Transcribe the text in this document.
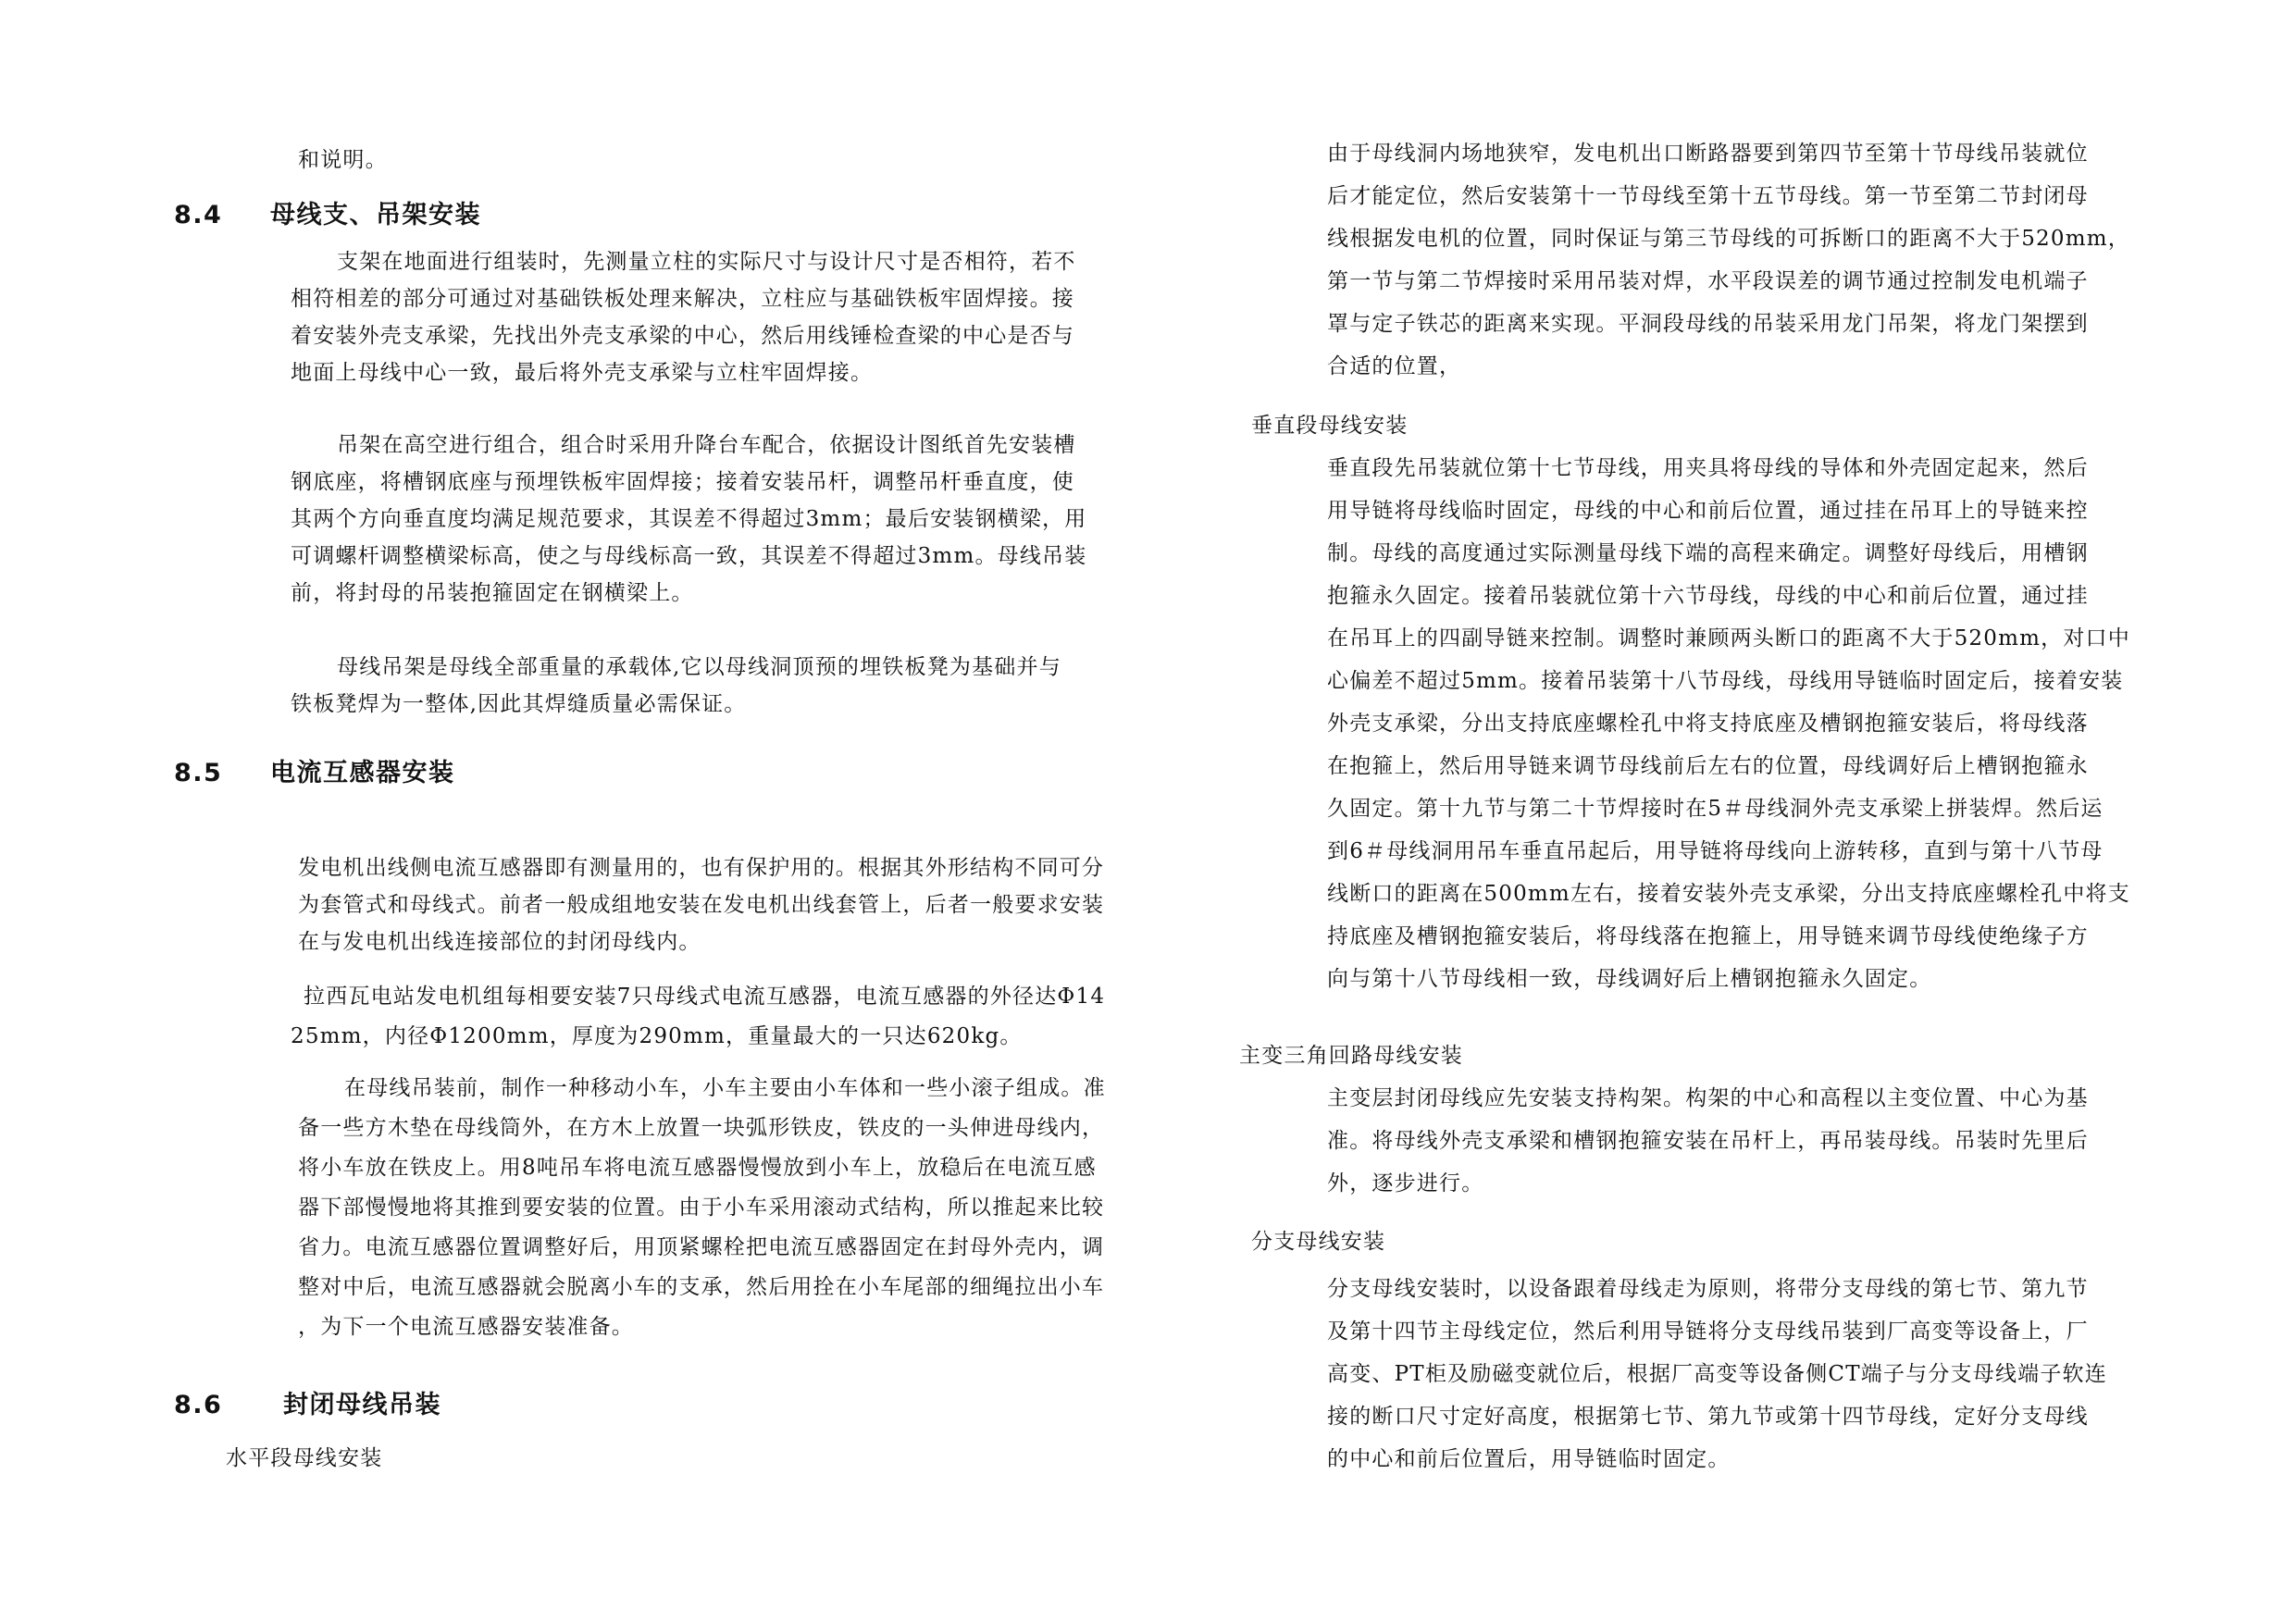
和说明。
8.4 母线支、吊架安装
支架在地面进行组装时，先测量立柱的实际尺寸与设计尺寸是否相符，若不
相符相差的部分可通过对基础铁板处理来解决，立柱应与基础铁板牢固焊接。接
着安装外壳支承梁，先找出外壳支承梁的中心，然后用线锤检查梁的中心是否与
地面上母线中心一致，最后将外壳支承梁与立柱牢固焊接。
吊架在高空进行组合，组合时采用升降台车配合，依据设计图纸首先安装槽
钢底座，将槽钢底座与预埋铁板牢固焊接；接着安装吊杆，调整吊杆垂直度，使
其两个方向垂直度均满足规范要求，其误差不得超过3mm；最后安装钢横梁，用
可调螺杆调整横梁标高，使之与母线标高一致，其误差不得超过3mm。母线吊装
前，将封母的吊装抱箍固定在钢横梁上。
母线吊架是母线全部重量的承载体,它以母线洞顶预的埋铁板凳为基础并与
铁板凳焊为一整体,因此其焊缝质量必需保证。
8.5 电流互感器安装
发电机出线侧电流互感器即有测量用的，也有保护用的。根据其外形结构不同可分
为套管式和母线式。前者一般成组地安装在发电机出线套管上，后者一般要求安装
在与发电机出线连接部位的封闭母线内。
拉西瓦电站发电机组每相要安装7只母线式电流互感器，电流互感器的外径达Φ14
25mm，内径Φ1200mm，厚度为290mm，重量最大的一只达620kg。
在母线吊装前，制作一种移动小车，小车主要由小车体和一些小滚子组成。准
备一些方木垫在母线筒外，在方木上放置一块弧形铁皮，铁皮的一头伸进母线内，
将小车放在铁皮上。用8吨吊车将电流互感器慢慢放到小车上，放稳后在电流互感
器下部慢慢地将其推到要安装的位置。由于小车采用滚动式结构，所以推起来比较
省力。电流互感器位置调整好后，用顶紧螺栓把电流互感器固定在封母外壳内，调
整对中后，电流互感器就会脱离小车的支承，然后用拴在小车尾部的细绳拉出小车
，为下一个电流互感器安装准备。
8.6 封闭母线吊装
水平段母线安装
由于母线洞内场地狭窄，发电机出口断路器要到第四节至第十节母线吊装就位
后才能定位，然后安装第十一节母线至第十五节母线。第一节至第二节封闭母
线根据发电机的位置，同时保证与第三节母线的可拆断口的距离不大于520mm，
第一节与第二节焊接时采用吊装对焊，水平段误差的调节通过控制发电机端子
罩与定子铁芯的距离来实现。平洞段母线的吊装采用龙门吊架，将龙门架摆到
合适的位置，
垂直段母线安装
垂直段先吊装就位第十七节母线，用夹具将母线的导体和外壳固定起来，然后
用导链将母线临时固定，母线的中心和前后位置，通过挂在吊耳上的导链来控
制。母线的高度通过实际测量母线下端的高程来确定。调整好母线后，用槽钢
抱箍永久固定。接着吊装就位第十六节母线，母线的中心和前后位置，通过挂
在吊耳上的四副导链来控制。调整时兼顾两头断口的距离不大于520mm，对口中
心偏差不超过5mm。接着吊装第十八节母线，母线用导链临时固定后，接着安装
外壳支承梁，分出支持底座螺栓孔中将支持底座及槽钢抱箍安装后，将母线落
在抱箍上，然后用导链来调节母线前后左右的位置，母线调好后上槽钢抱箍永
久固定。第十九节与第二十节焊接时在5＃母线洞外壳支承梁上拼装焊。然后运
到6＃母线洞用吊车垂直吊起后，用导链将母线向上游转移，直到与第十八节母
线断口的距离在500mm左右，接着安装外壳支承梁，分出支持底座螺栓孔中将支
持底座及槽钢抱箍安装后，将母线落在抱箍上，用导链来调节母线使绝缘子方
向与第十八节母线相一致，母线调好后上槽钢抱箍永久固定。
主变三角回路母线安装
主变层封闭母线应先安装支持构架。构架的中心和高程以主变位置、中心为基
准。将母线外壳支承梁和槽钢抱箍安装在吊杆上，再吊装母线。吊装时先里后
外，逐步进行。
分支母线安装
分支母线安装时，以设备跟着母线走为原则，将带分支母线的第七节、第九节
及第十四节主母线定位，然后利用导链将分支母线吊装到厂高变等设备上，厂
高变、PT柜及励磁变就位后，根据厂高变等设备侧CT端子与分支母线端子软连
接的断口尺寸定好高度，根据第七节、第九节或第十四节母线，定好分支母线
的中心和前后位置后，用导链临时固定。
